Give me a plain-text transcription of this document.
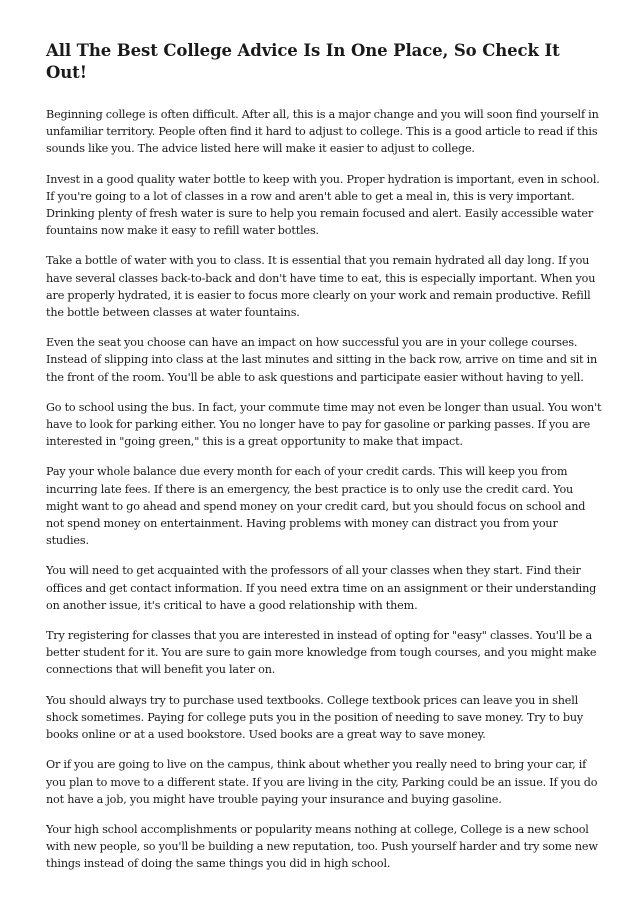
All The Best College Advice Is In One Place, So Check It Out!

Beginning college is often difficult. After all, this is a major change and you will soon find yourself in unfamiliar territory. People often find it hard to adjust to college. This is a good article to read if this sounds like you. The advice listed here will make it easier to adjust to college.

Invest in a good quality water bottle to keep with you. Proper hydration is important, even in school. If you're going to a lot of classes in a row and aren't able to get a meal in, this is very important. Drinking plenty of fresh water is sure to help you remain focused and alert. Easily accessible water fountains now make it easy to refill water bottles.

Take a bottle of water with you to class. It is essential that you remain hydrated all day long. If you have several classes back-to-back and don't have time to eat, this is especially important. When you are properly hydrated, it is easier to focus more clearly on your work and remain productive. Refill the bottle between classes at water fountains.

Even the seat you choose can have an impact on how successful you are in your college courses. Instead of slipping into class at the last minutes and sitting in the back row, arrive on time and sit in the front of the room. You'll be able to ask questions and participate easier without having to yell.

Go to school using the bus. In fact, your commute time may not even be longer than usual. You won't have to look for parking either. You no longer have to pay for gasoline or parking passes. If you are interested in "going green," this is a great opportunity to make that impact.

Pay your whole balance due every month for each of your credit cards. This will keep you from incurring late fees. If there is an emergency, the best practice is to only use the credit card. You might want to go ahead and spend money on your credit card, but you should focus on school and not spend money on entertainment. Having problems with money can distract you from your studies.

You will need to get acquainted with the professors of all your classes when they start. Find their offices and get contact information. If you need extra time on an assignment or their understanding on another issue, it's critical to have a good relationship with them.

Try registering for classes that you are interested in instead of opting for "easy" classes. You'll be a better student for it. You are sure to gain more knowledge from tough courses, and you might make connections that will benefit you later on.

You should always try to purchase used textbooks. College textbook prices can leave you in shell shock sometimes. Paying for college puts you in the position of needing to save money. Try to buy books online or at a used bookstore. Used books are a great way to save money.

Or if you are going to live on the campus, think about whether you really need to bring your car, if you plan to move to a different state. If you are living in the city, Parking could be an issue. If you do not have a job, you might have trouble paying your insurance and buying gasoline.

Your high school accomplishments or popularity means nothing at college, College is a new school with new people, so you'll be building a new reputation, too. Push yourself harder and try some new things instead of doing the same things you did in high school.
